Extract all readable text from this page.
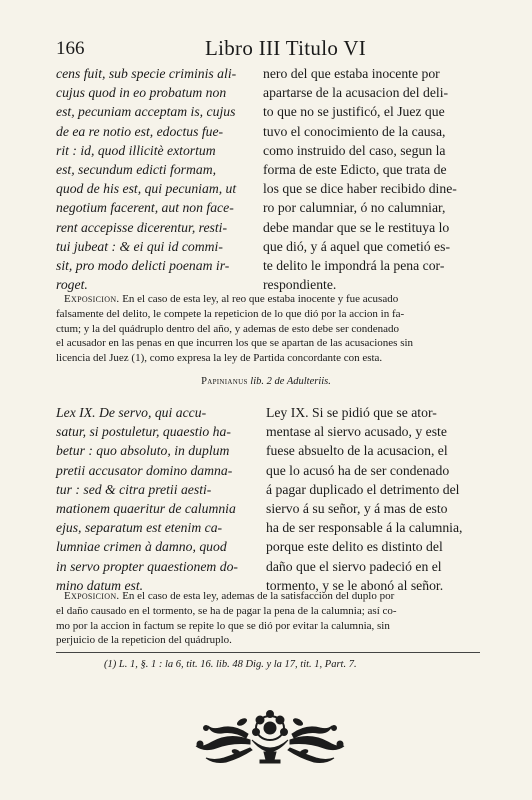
166	Libro III Titulo VI
cens fuit, sub specie criminis ali-
cujus quod in eo probatum non
est, pecuniam acceptam is, cujus
de ea re notio est, edoctus fue-
rit : id, quod illicitè extortum
est, secundum edicti formam,
quod de his est, qui pecuniam, ut
negotium facerent, aut non face-
rent accepisse dicerentur, resti-
tui jubeat : & ei qui id commi-
sit, pro modo delicti poenam ir-
roget.
nero del que estaba inocente por
apartarse de la acusacion del deli-
to que no se justificó, el Juez que
tuvo el conocimiento de la causa,
como instruido del caso, segun la
forma de este Edicto, que trata de
los que se dice haber recibido dine-
ro por calumniar, ó no calumniar,
debe mandar que se le restituya lo
que dió, y á aquel que cometió es-
te delito le impondrá la pena cor-
respondiente.
Exposicion. En el caso de esta ley, al reo que estaba inocente y fue acusado
falsamente del delito, le compete la repeticion de lo que dió por la accion in fa-
ctum; y la del quádruplo dentro del año, y ademas de esto debe ser condenado
el acusador en las penas en que incurren los que se apartan de las acusaciones sin
licencia del Juez (1), como expresa la ley de Partida concordante con esta.
Papinianus lib. 2 de Adulteriis.
Lex IX. De servo, qui accu-
satur, si postuletur, quaestio ha-
betur : quo absoluto, in duplum
pretii accusator domino damna-
tur : sed & citra pretii aesti-
mationem quaeritur de calumnia
ejus, separatum est etenim ca-
lumniae crimen à damno, quod
in servo propter quaestionem do-
mino datum est.
Ley IX. Si se pidió que se ator-
mentase al siervo acusado, y este
fuese absuelto de la acusacion, el
que lo acusó ha de ser condenado
á pagar duplicado el detrimento del
siervo á su señor, y á mas de esto
ha de ser responsable á la calumnia,
porque este delito es distinto del
daño que el siervo padeció en el
tormento, y se le abonó al señor.
Exposicion. En el caso de esta ley, ademas de la satisfaccion del duplo por
el daño causado en el tormento, se ha de pagar la pena de la calumnia; así co-
mo por la accion in factum se repite lo que se dió por evitar la calumnia, sin
perjuicio de la repeticion del quádruplo.
(1) L. 1, §. 1 : la 6, tit. 16. lib. 48 Dig. y la 17, tit. 1, Part. 7.
